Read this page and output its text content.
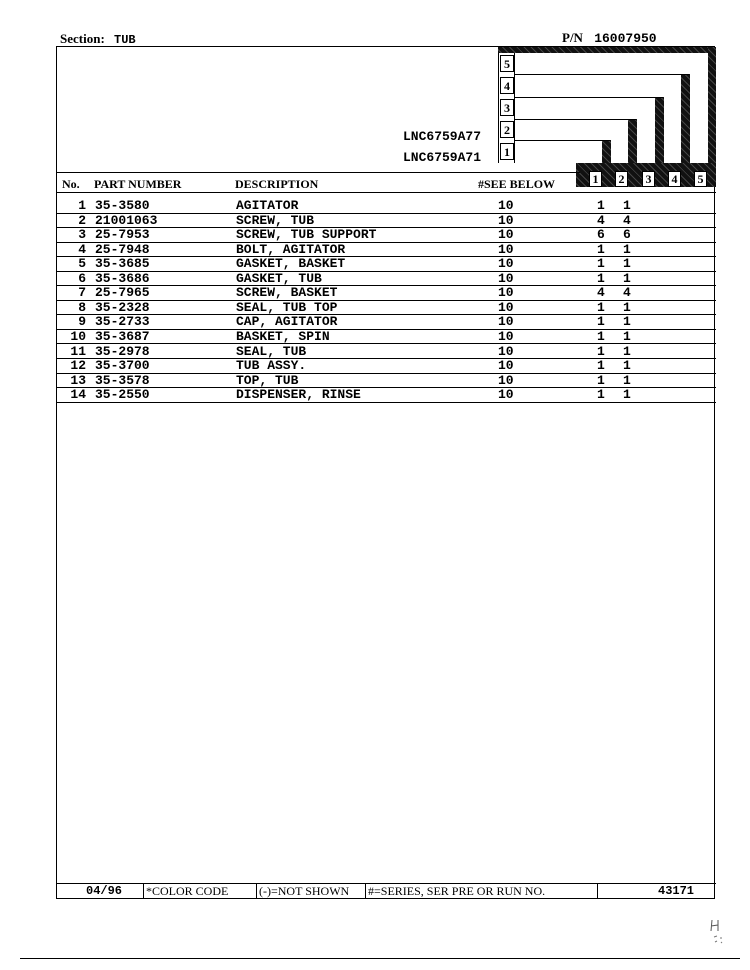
Section: TUB	P/N 16007950
5
4
3
2
1
1 2 3 4 5
LNC6759A77
LNC6759A71
No. PART NUMBER	DESCRIPTION	#SEE BELOW
1 35-3580	AGITATOR	10	1 1
2 21001063	SCREW, TUB	10	4 4
3 25-7953	SCREW, TUB SUPPORT	10	6 6
4 25-7948	BOLT, AGITATOR	10	1 1
5 35-3685	GASKET, BASKET	10	1 1
6 35-3686	GASKET, TUB	10	1 1
7 25-7965	SCREW, BASKET	10	4 4
8 35-2328	SEAL, TUB TOP	10	1 1
9 35-2733	CAP, AGITATOR	10	1 1
10 35-3687	BASKET, SPIN	10	1 1
11 35-2978	SEAL, TUB	10	1 1
12 35-3700	TUB ASSY.	10	1 1
13 35-3578	TOP, TUB	10	1 1
14 35-2550	DISPENSER, RINSE	10	1 1
04/96 *COLOR CODE	(-)=NOT SHOWN #=SERIES, SER PRE OR RUN NO.	43171
